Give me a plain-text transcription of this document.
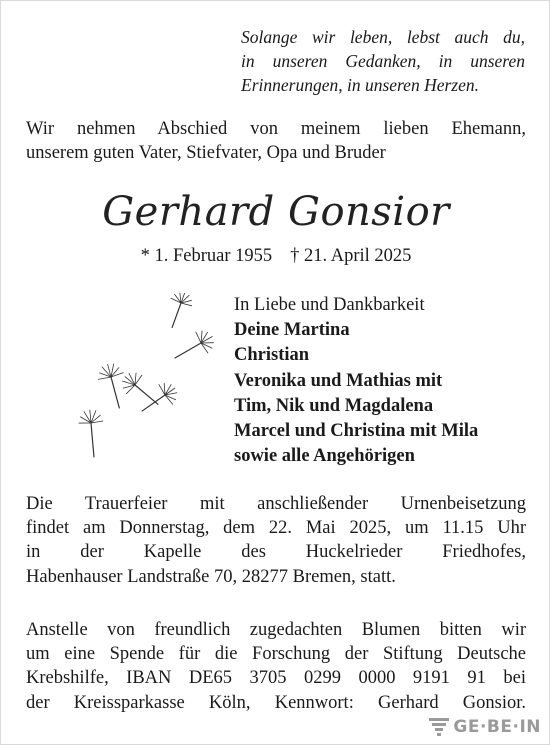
Solange wir leben, lebst auch du,
in unseren Gedanken, in unseren
Erinnerungen, in unseren Herzen.
Wir nehmen Abschied von meinem lieben Ehemann,
unserem guten Vater, Stiefvater, Opa und Bruder
Gerhard Gonsior
* 1. Februar 1955 † 21. April 2025
In Liebe und Dankbarkeit
Deine Martina
Christian
Veronika und Mathias mit
Tim, Nik und Magdalena
Marcel und Christina mit Mila
sowie alle Angehörigen
Die Trauerfeier mit anschließender Urnenbeisetzung
findet am Donnerstag, dem 22. Mai 2025, um 11.15 Uhr
in der Kapelle des Huckelrieder Friedhofes,
Habenhauser Landstraße 70, 28277 Bremen, statt.
Anstelle von freundlich zugedachten Blumen bitten wir
um eine Spende für die Forschung der Stiftung Deutsche
Krebshilfe, IBAN DE65 3705 0299 0000 9191 91 bei
der Kreissparkasse Köln, Kennwort: Gerhard Gonsior.
GE·BE·IN
